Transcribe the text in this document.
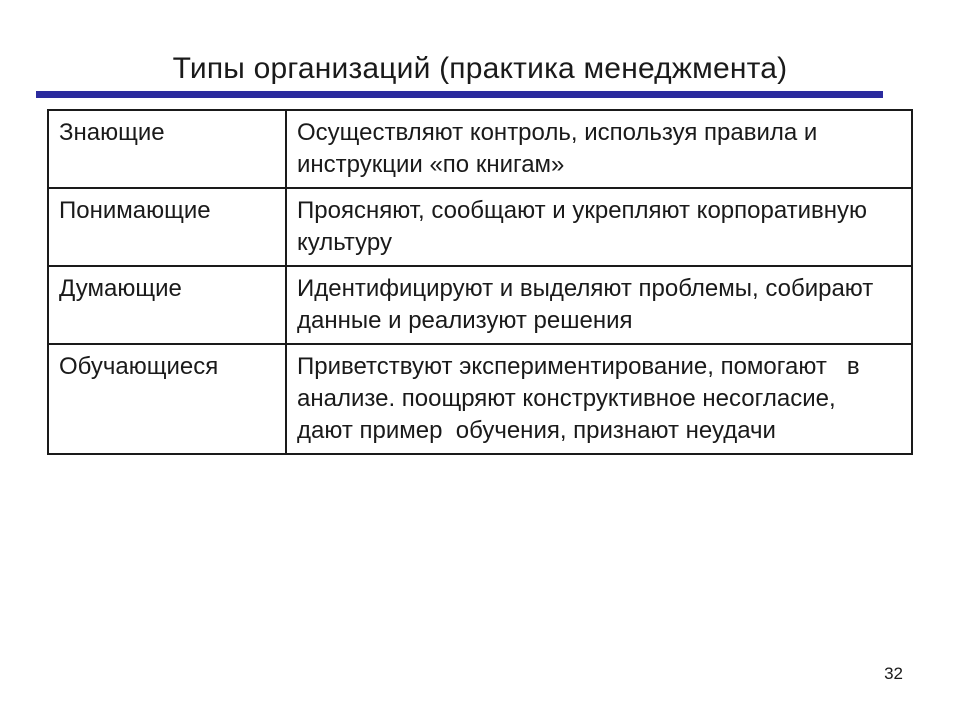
Типы организаций (практика менеджмента)
Знающие	Осуществляют контроль, используя правила и инструкции «по книгам»
Понимающие	Проясняют, сообщают и укрепляют корпоративную культуру
Думающие	Идентифицируют и выделяют проблемы, собирают данные и реализуют решения
Обучающиеся	Приветствуют экспериментирование, помогают   в анализе. поощряют конструктивное несогласие,   дают пример  обучения, признают неудачи
32
